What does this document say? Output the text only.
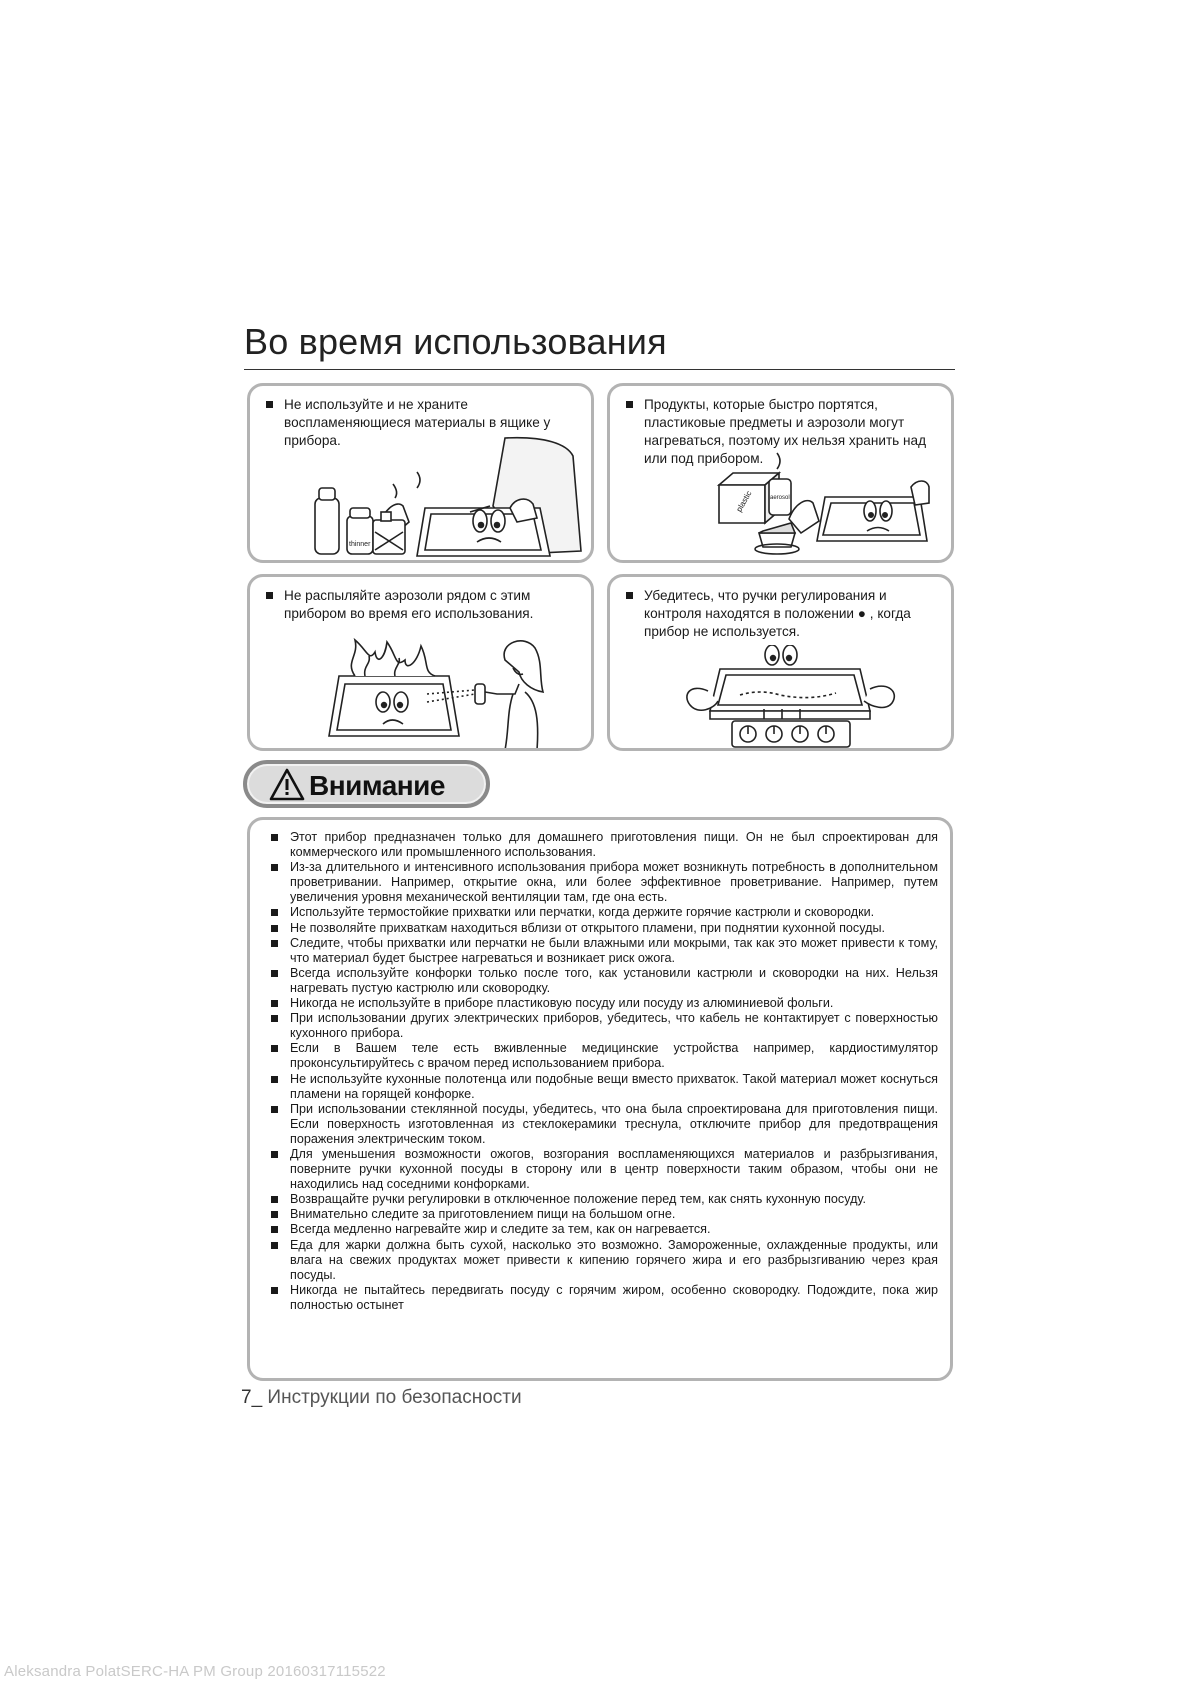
Во время использования
Не используйте и не храните воспламеняющиеся материалы в ящике у прибора.
thinner
Продукты, которые быстро портятся, пластиковые предметы и аэрозоли могут нагреваться, поэтому их нельзя хранить над или под прибором.
plastic	aerosol
Не распыляйте аэрозоли рядом с этим прибором во время его использования.
Убедитесь, что ручки регулирования и контроля находятся в положении ● , когда прибор не используется.
Внимание
Этот прибор предназначен только для домашнего приготовления пищи. Он не был спроектирован для коммерческого или промышленного использования.
Из-за длительного и интенсивного использования прибора может возникнуть потребность в дополнительном проветривании. Например, открытие окна, или более эффективное проветривание. Например, путем увеличения уровня механической вентиляции там, где она есть.
Используйте термостойкие прихватки или перчатки, когда держите горячие кастрюли и сковородки.
Не позволяйте прихваткам находиться вблизи от открытого пламени, при поднятии кухонной посуды.
Следите, чтобы прихватки или перчатки не были влажными или мокрыми, так как это может привести к тому, что материал будет быстрее нагреваться и возникает риск ожога.
Всегда используйте конфорки только после того, как установили кастрюли и сковородки на них. Нельзя нагревать пустую кастрюлю или сковородку.
Никогда не используйте в приборе пластиковую посуду или посуду из алюминиевой фольги.
При использовании других электрических приборов, убедитесь, что кабель не контактирует с поверхностью кухонного прибора.
Если в Вашем теле есть вживленные медицинские устройства например, кардиостимулятор проконсультируйтесь с врачом перед использованием прибора.
Не используйте кухонные полотенца или подобные вещи вместо прихваток. Такой материал может коснуться пламени на горящей конфорке.
При использовании стеклянной посуды, убедитесь, что она была спроектирована для приготовления пищи. Если поверхность изготовленная из стеклокерамики треснула, отключите прибор для предотвращения поражения электрическим током.
Для уменьшения возможности ожогов, возгорания воспламеняющихся материалов и разбрызгивания, поверните ручки кухонной посуды в сторону или в центр поверхности таким образом, чтобы они не находились над соседними конфорками.
Возвращайте ручки регулировки в отключенное положение перед тем, как снять кухонную посуду.
Внимательно следите за приготовлением пищи на большом огне.
Всегда медленно нагревайте жир и следите за тем, как он нагревается.
Еда для жарки должна быть сухой, насколько это возможно. Замороженные, охлажденные продукты, или влага на свежих продуктах может привести к кипению горячего жира и его разбрызгиванию через края посуды.
Никогда не пытайтесь передвигать посуду с горячим жиром, особенно сковородку. Подождите, пока жир полностью остынет
7_ Инструкции по безопасности
Aleksandra PolatSERC-HA PM Group 20160317115522
